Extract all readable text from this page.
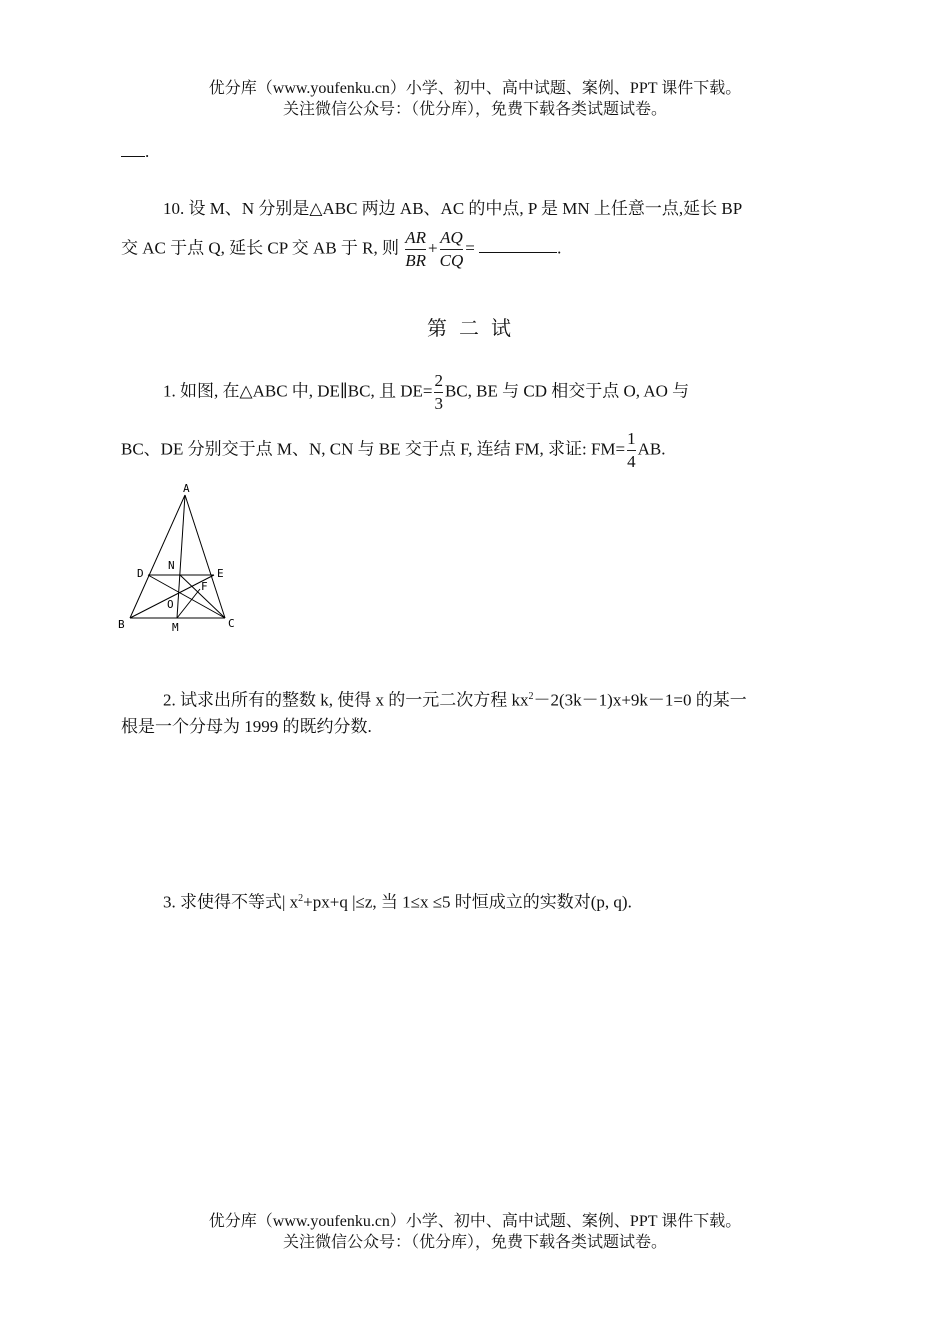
优分库（www.youfenku.cn）小学、初中、高中试题、案例、PPT 课件下载。
关注微信公众号：（优分库），免费下载各类试题试卷。
.
10. 设 M、N 分别是△ABC 两边 AB、AC 的中点, P 是 MN 上任意一点,延长 BP
交 AC 于点 Q, 延长 CP 交 AB 于 R, 则 $\frac{AR}{BR} + \frac{AQ}{CQ}$ =	.
第二试
1. 如图, 在△ABC 中, DE∥BC, 且 $DE= \frac{2}{3}$ BC, BE 与 CD 相交于点 O, AO 与
BC、DE 分别交于点 M、N, CN 与 BE 交于点 F, 连结 FM, 求证: $FM= \frac{1}{4}$ AB.
A
D	E
N
F
O
B	M	C
2. 试求出所有的整数 k, 使得 x 的一元二次方程 $kx^2-2(3k-1)x+9k-1=0$ 的某一
根是一个分母为 1999 的既约分数.
3. 求使得不等式| $x^2+px+q$ |≤z, 当 1≤x ≤5 时恒成立的实数对(p, q).
优分库（www.youfenku.cn）小学、初中、高中试题、案例、PPT 课件下载。
关注微信公众号：（优分库），免费下载各类试题试卷。
